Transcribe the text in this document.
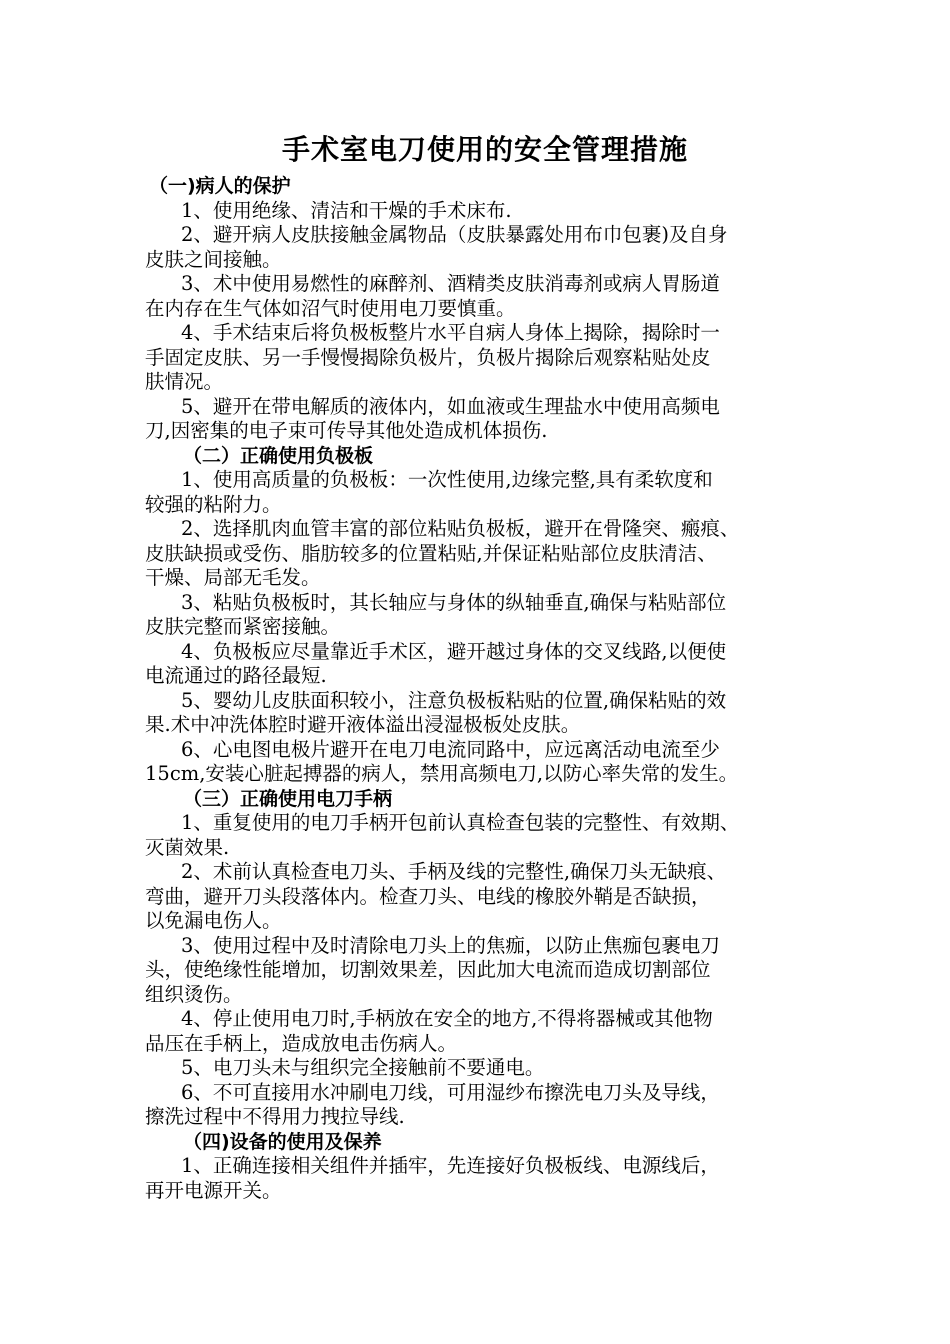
手术室电刀使用的安全管理措施
（一)病人的保护

1、使用绝缘、清洁和干燥的手术床布.

2、避开病人皮肤接触金属物品（皮肤暴露处用布巾包裹)及自身
皮肤之间接触。

3、术中使用易燃性的麻醉剂、酒精类皮肤消毒剂或病人胃肠道
在内存在生气体如沼气时使用电刀要慎重。

4、手术结束后将负极板整片水平自病人身体上揭除，揭除时一
手固定皮肤、另一手慢慢揭除负极片，负极片揭除后观察粘贴处皮
肤情况。

5、避开在带电解质的液体内，如血液或生理盐水中使用高频电
刀,因密集的电子束可传导其他处造成机体损伤.

（二）正确使用负极板

1、使用高质量的负极板：一次性使用,边缘完整,具有柔软度和
较强的粘附力。

2、选择肌肉血管丰富的部位粘贴负极板，避开在骨隆突、瘢痕、
皮肤缺损或受伤、脂肪较多的位置粘贴,并保证粘贴部位皮肤清洁、
干燥、局部无毛发。

3、粘贴负极板时，其长轴应与身体的纵轴垂直,确保与粘贴部位
皮肤完整而紧密接触。

4、负极板应尽量靠近手术区，避开越过身体的交叉线路,以便使
电流通过的路径最短.

5、婴幼儿皮肤面积较小，注意负极板粘贴的位置,确保粘贴的效
果.术中冲洗体腔时避开液体溢出浸湿极板处皮肤。

6、心电图电极片避开在电刀电流同路中，应远离活动电流至少
15cm,安装心脏起搏器的病人，禁用高频电刀,以防心率失常的发生。

（三）正确使用电刀手柄

1、重复使用的电刀手柄开包前认真检查包装的完整性、有效期、
灭菌效果.

2、术前认真检查电刀头、手柄及线的完整性,确保刀头无缺痕、
弯曲，避开刀头段落体内。检查刀头、电线的橡胶外鞘是否缺损，
以免漏电伤人。

3、使用过程中及时清除电刀头上的焦痂，以防止焦痂包裹电刀
头，使绝缘性能增加，切割效果差，因此加大电流而造成切割部位
组织烫伤。

4、停止使用电刀时,手柄放在安全的地方,不得将器械或其他物
品压在手柄上，造成放电击伤病人。

5、电刀头未与组织完全接触前不要通电。

6、不可直接用水冲刷电刀线，可用湿纱布擦洗电刀头及导线，
擦洗过程中不得用力拽拉导线.

（四)设备的使用及保养

1、正确连接相关组件并插牢，先连接好负极板线、电源线后，
再开电源开关。
